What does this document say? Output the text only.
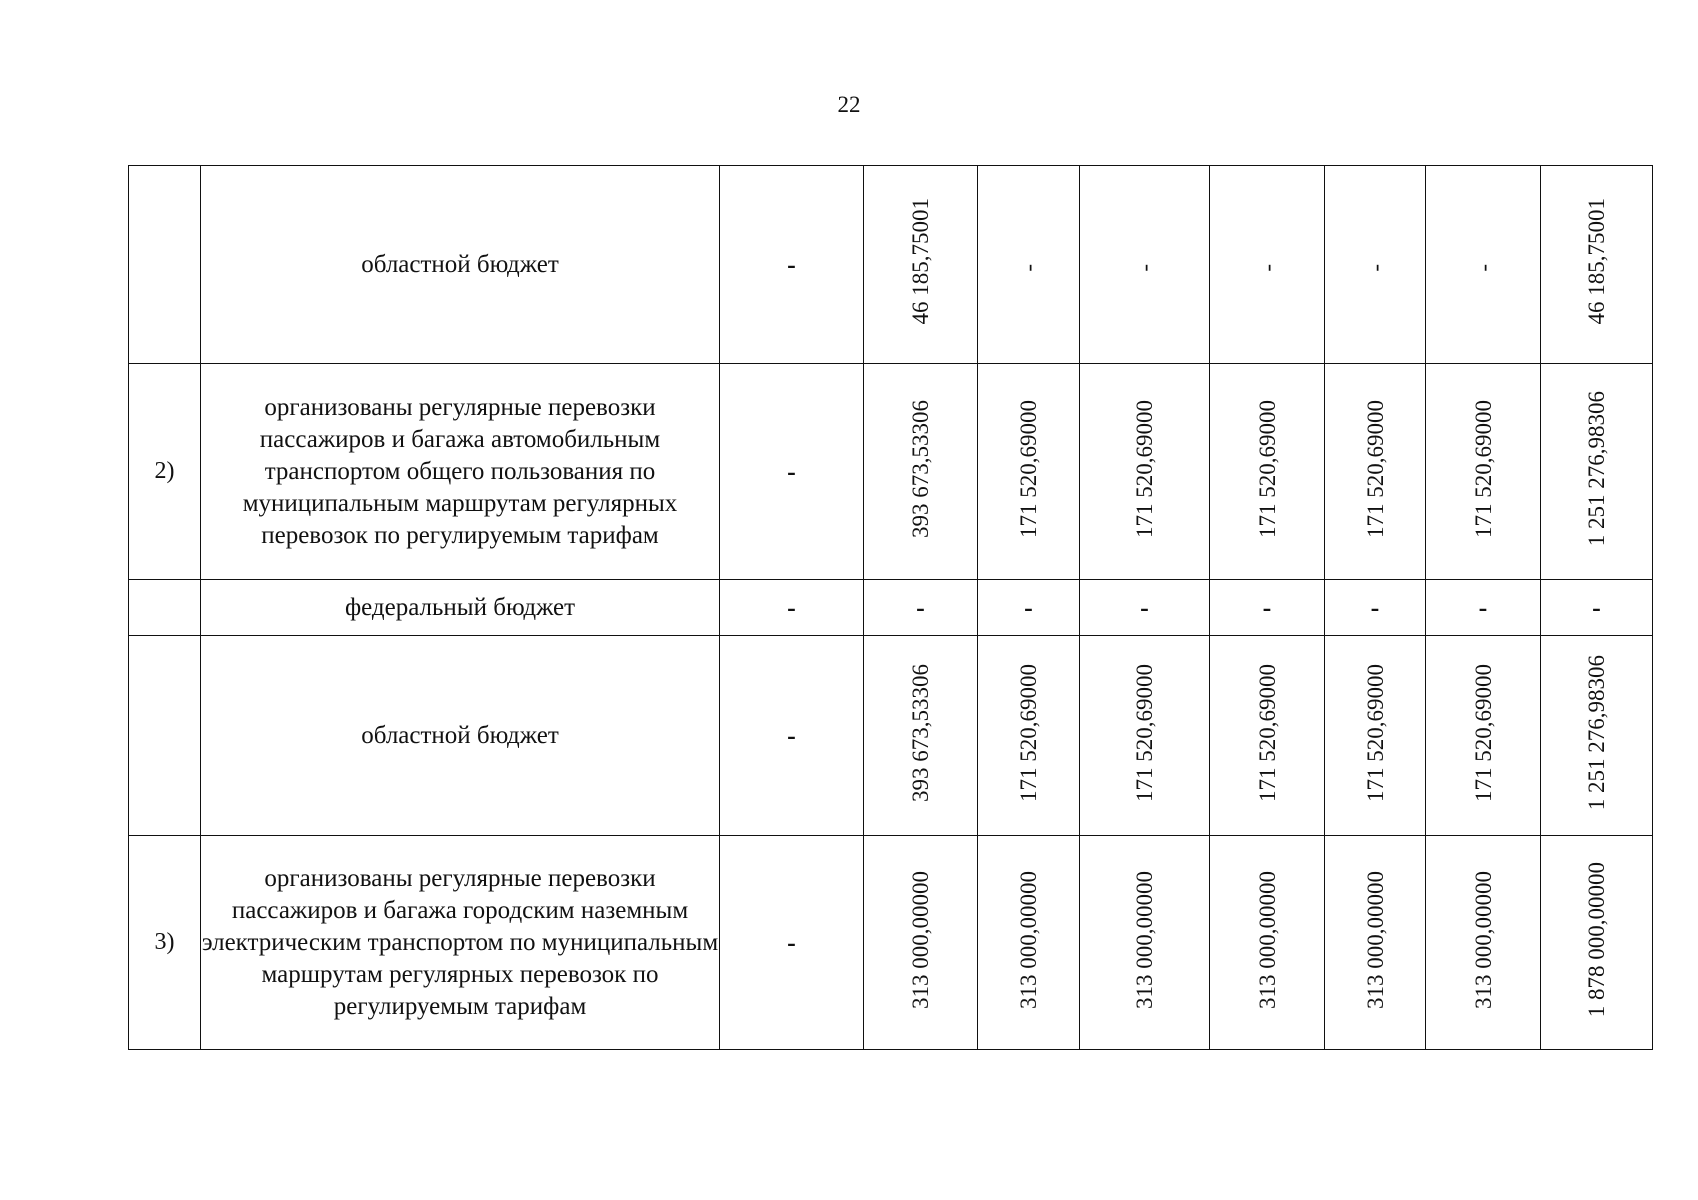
22
	областной бюджет	-	46 185,75001	-	-	-	-	-	46 185,75001
2)	организованы регулярные перевозки пассажиров и багажа автомобильным транспортом общего пользования по муниципальным маршрутам регулярных перевозок по регулируемым тарифам	-	393 673,53306	171 520,69000	171 520,69000	171 520,69000	171 520,69000	171 520,69000	1 251 276,98306
	федеральный бюджет	-	-	-	-	-	-	-	-
	областной бюджет	-	393 673,53306	171 520,69000	171 520,69000	171 520,69000	171 520,69000	171 520,69000	1 251 276,98306
3)	организованы регулярные перевозки пассажиров и багажа городским наземным электрическим транспортом по муниципальным маршрутам регулярных перевозок по регулируемым тарифам	-	313 000,00000	313 000,00000	313 000,00000	313 000,00000	313 000,00000	313 000,00000	1 878 000,00000
